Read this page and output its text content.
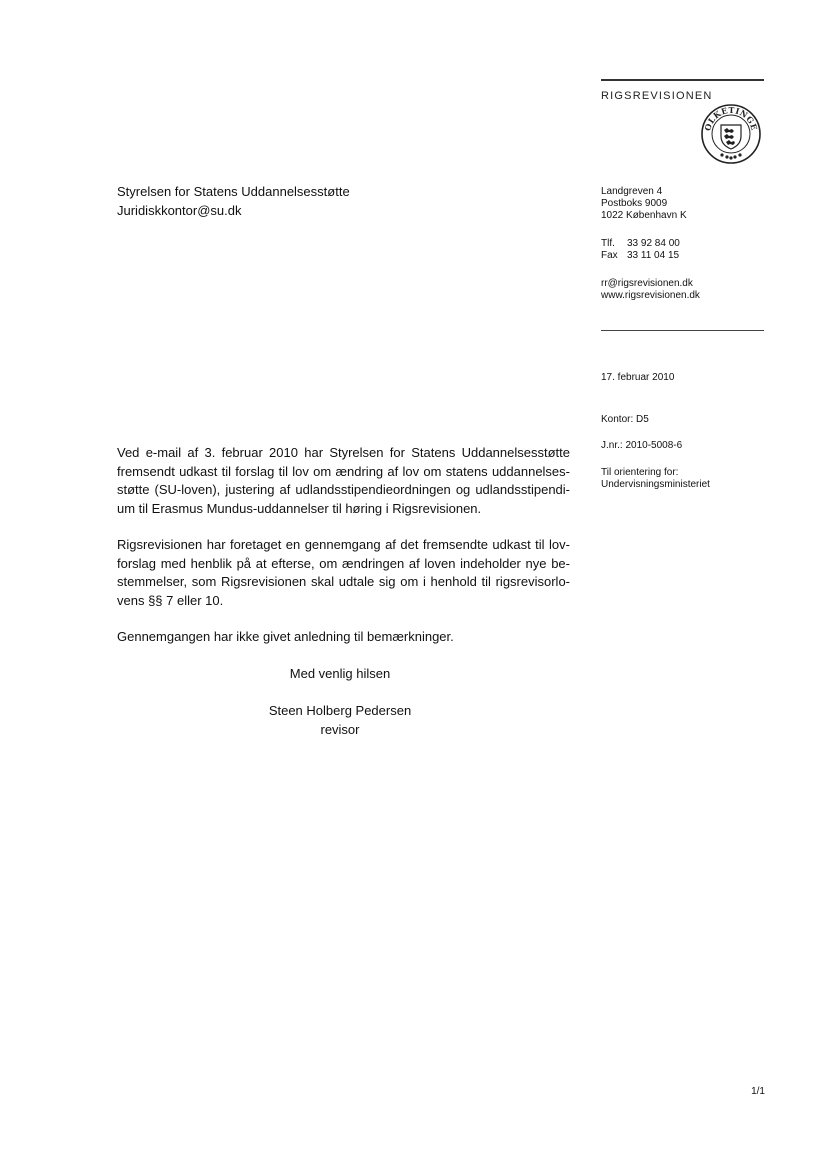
RIGSREVISIONEN
OLKETINGE
Landgreven 4
Postboks 9009
1022 København K
Tlf. 33 92 84 00
Fax 33 11 04 15
rr@rigsrevisionen.dk
www.rigsrevisionen.dk
17. februar 2010
Kontor: D5
J.nr.: 2010-5008-6
Til orientering for:
Undervisningsministeriet
Styrelsen for Statens Uddannelsesstøtte
Juridiskkontor@su.dk

Ved e-mail af 3. februar 2010 har Styrelsen for Statens Uddannelsesstøtte

fremsendt udkast til forslag til lov om ændring af lov om statens uddannelses-

støtte (SU-loven), justering af udlandsstipendieordningen og udlandsstipendi-

um til Erasmus Mundus-uddannelser til høring i Rigsrevisionen.

Rigsrevisionen har foretaget en gennemgang af det fremsendte udkast til lov-

forslag med henblik på at efterse, om ændringen af loven indeholder nye be-

stemmelser, som Rigsrevisionen skal udtale sig om i henhold til rigsrevisorlo-

vens §§ 7 eller 10.

Gennemgangen har ikke givet anledning til bemærkninger.

Med venlig hilsen
Steen Holberg Pedersen
revisor
1/1
